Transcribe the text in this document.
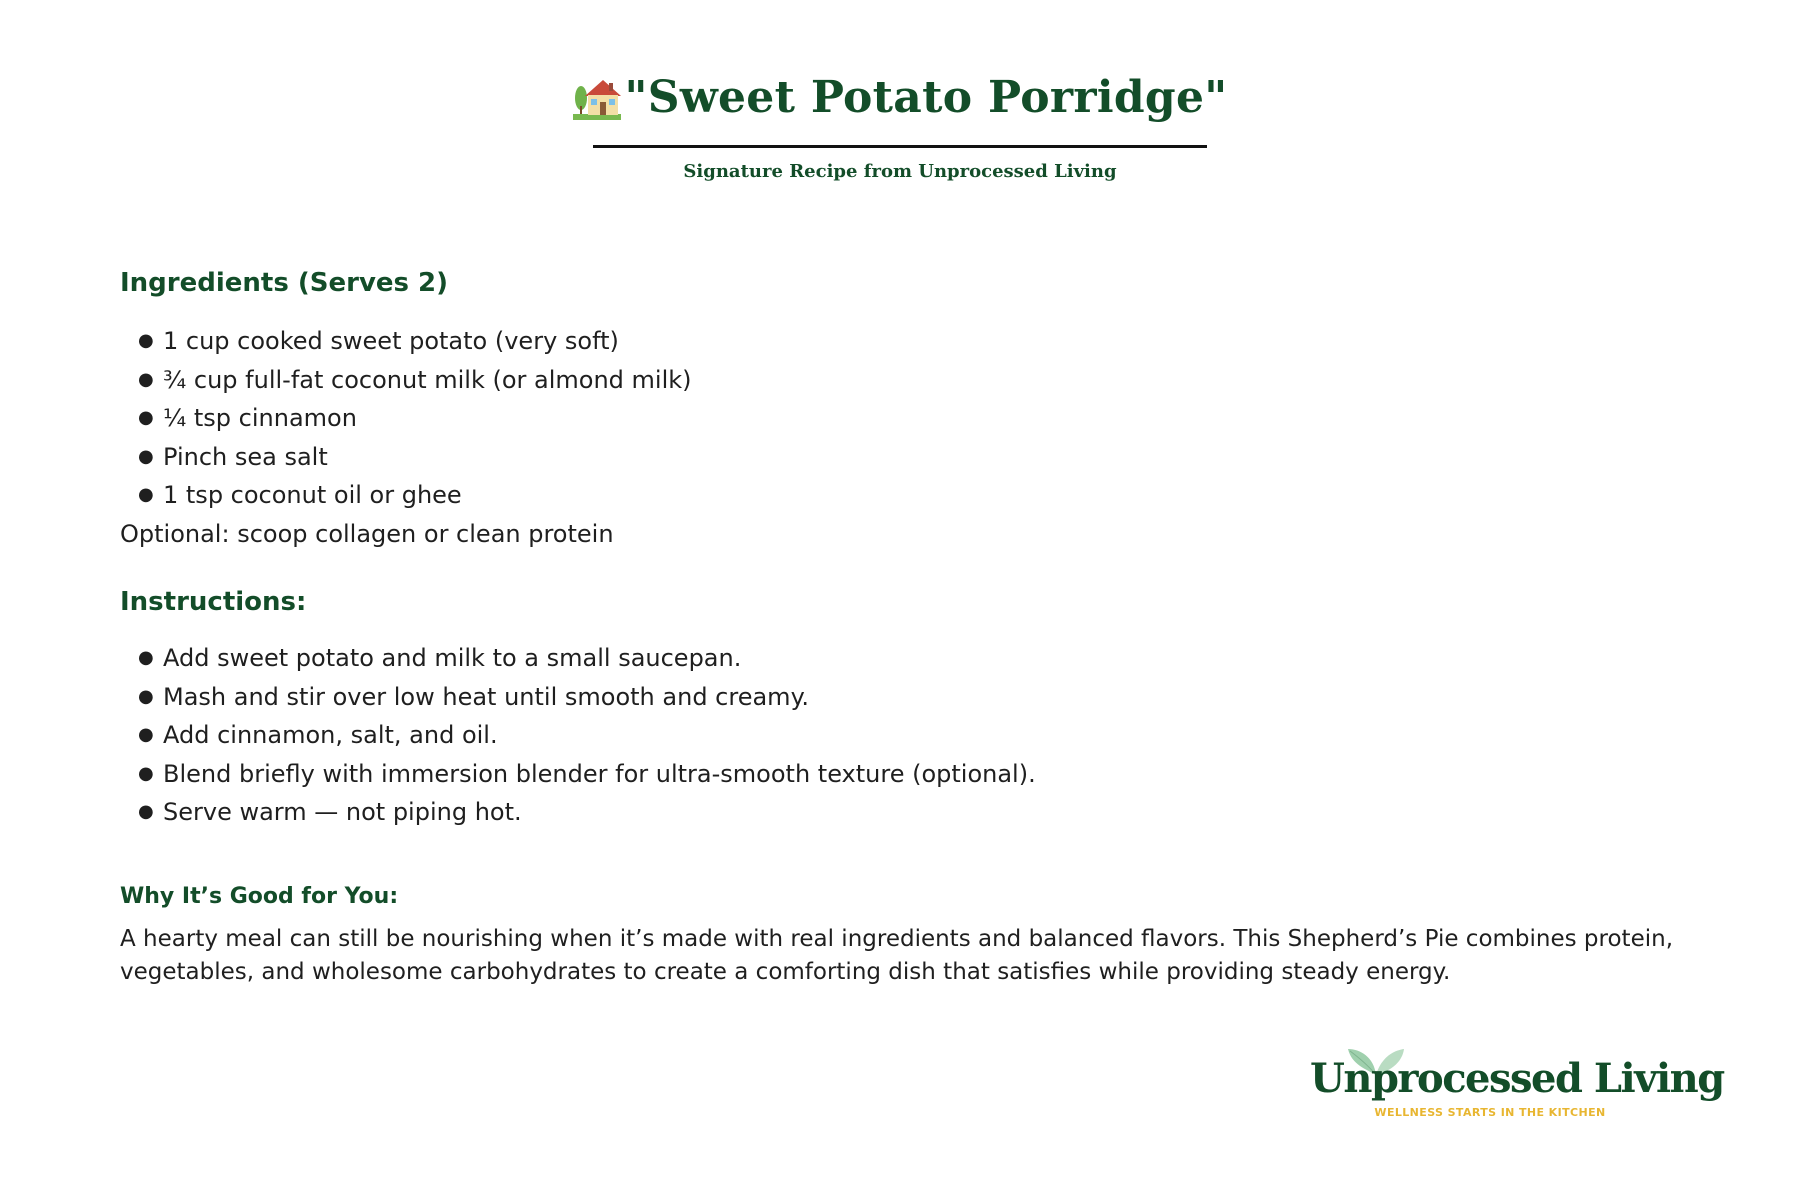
"Sweet Potato Porridge"
Signature Recipe from Unprocessed Living
Ingredients (Serves 2)
● 1 cup cooked sweet potato (very soft)
● ¾ cup full-fat coconut milk (or almond milk)
● ¼ tsp cinnamon
● Pinch sea salt
● 1 tsp coconut oil or ghee
Optional: scoop collagen or clean protein
Instructions:
● Add sweet potato and milk to a small saucepan.
● Mash and stir over low heat until smooth and creamy.
● Add cinnamon, salt, and oil.
● Blend briefly with immersion blender for ultra-smooth texture (optional).
● Serve warm — not piping hot.
Why It’s Good for You:

A hearty meal can still be nourishing when it’s made with real ingredients and balanced flavors. This Shepherd’s Pie combines protein, vegetables, and wholesome carbohydrates to create a comforting dish that satisfies while providing steady energy.

Unprocessed Living
WELLNESS STARTS IN THE KITCHEN
